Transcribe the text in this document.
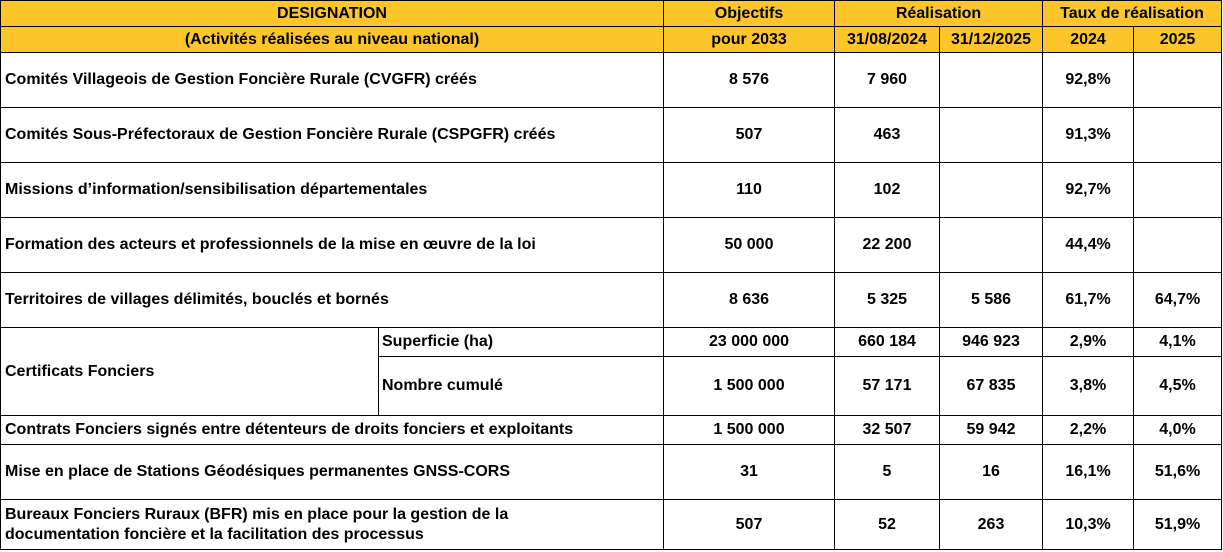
DESIGNATION		Objectifs	Réalisation		Taux de réalisation	
(Activités réalisées au niveau national)		pour 2033	31/08/2024	31/12/2025	2024	2025
Comités Villageois de Gestion Foncière Rurale (CVGFR) créés		8 576	7 960		92,8%	
Comités Sous-Préfectoraux de Gestion Foncière Rurale (CSPGFR) créés		507	463		91,3%	
Missions d’information/sensibilisation départementales		110	102		92,7%	
Formation des acteurs et professionnels de la mise en œuvre de la loi		50 000	22 200		44,4%	
Territoires de villages délimités, bouclés et bornés		8 636	5 325	5 586	61,7%	64,7%
Certificats Fonciers	Superficie (ha)	23 000 000	660 184	946 923	2,9%	4,1%
	Nombre cumulé	1 500 000	57 171	67 835	3,8%	4,5%
Contrats Fonciers signés entre détenteurs de droits fonciers et exploitants		1 500 000	32 507	59 942	2,2%	4,0%
Mise en place de Stations Géodésiques permanentes GNSS-CORS		31	5	16	16,1%	51,6%
Bureaux Fonciers Ruraux (BFR) mis en place pour la gestion de la
documentation foncière et la facilitation des processus		507	52	263	10,3%	51,9%
